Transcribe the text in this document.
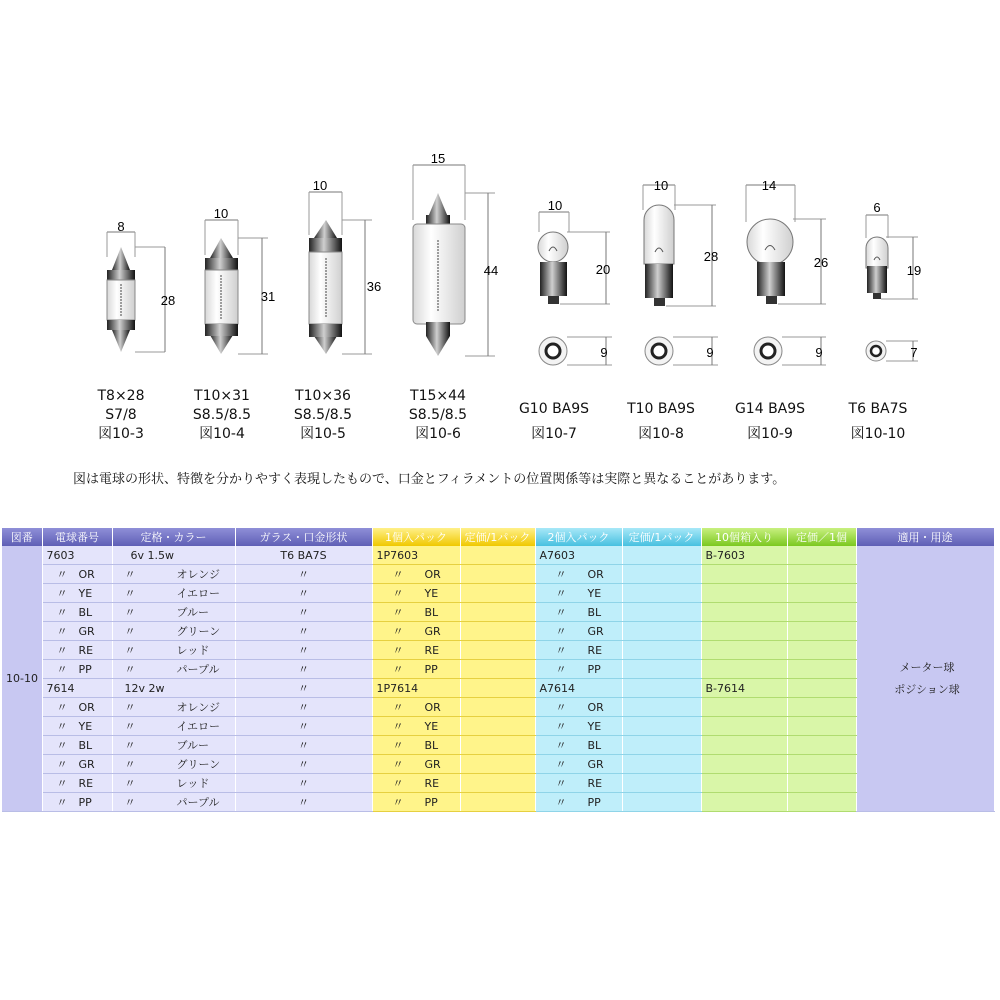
8
28
10
31
10
36
15
44
10
20
9
10
28
9
14
26
9
6
19
7
T8×28
S7/8
図10-3
T10×31
S8.5/8.5
図10-4
T10×36
S8.5/8.5
図10-5
T15×44
S8.5/8.5
図10-6
G10 BA9S
図10-7
T10 BA9S
図10-8
G14 BA9S
図10-9
T6 BA7S
図10-10
図は電球の形状、特徴を分かりやすく表現したもので、口金とフィラメントの位置関係等は実際と異なることがあります。
図番	電球番号	定格・カラー	ガラス・口金形状	1個入パック	定価/1パック	2個入パック	定価/1パック	10個箱入り	定価／1個	適用・用途
10-10	7603	6v 1.5w	T6 BA7S	1P7603		A7603		B-7603		メーター球
ポジション球

	〃 OR	〃 オレンジ	〃	〃 OR		〃 OR				
	〃 YE	〃 イエロー	〃	〃 YE		〃 YE				
	〃 BL	〃 ブルー	〃	〃 BL		〃 BL				
	〃 GR	〃 グリーン	〃	〃 GR		〃 GR				
	〃 RE	〃 レッド	〃	〃 RE		〃 RE				
	〃 PP	〃 パープル	〃	〃 PP		〃 PP				
	7614	12v 2w	〃	1P7614		A7614		B-7614		
	〃 OR	〃 オレンジ	〃	〃 OR		〃 OR				
	〃 YE	〃 イエロー	〃	〃 YE		〃 YE				
	〃 BL	〃 ブルー	〃	〃 BL		〃 BL				
	〃 GR	〃 グリーン	〃	〃 GR		〃 GR				
	〃 RE	〃 レッド	〃	〃 RE		〃 RE				
	〃 PP	〃 パープル	〃	〃 PP		〃 PP				
